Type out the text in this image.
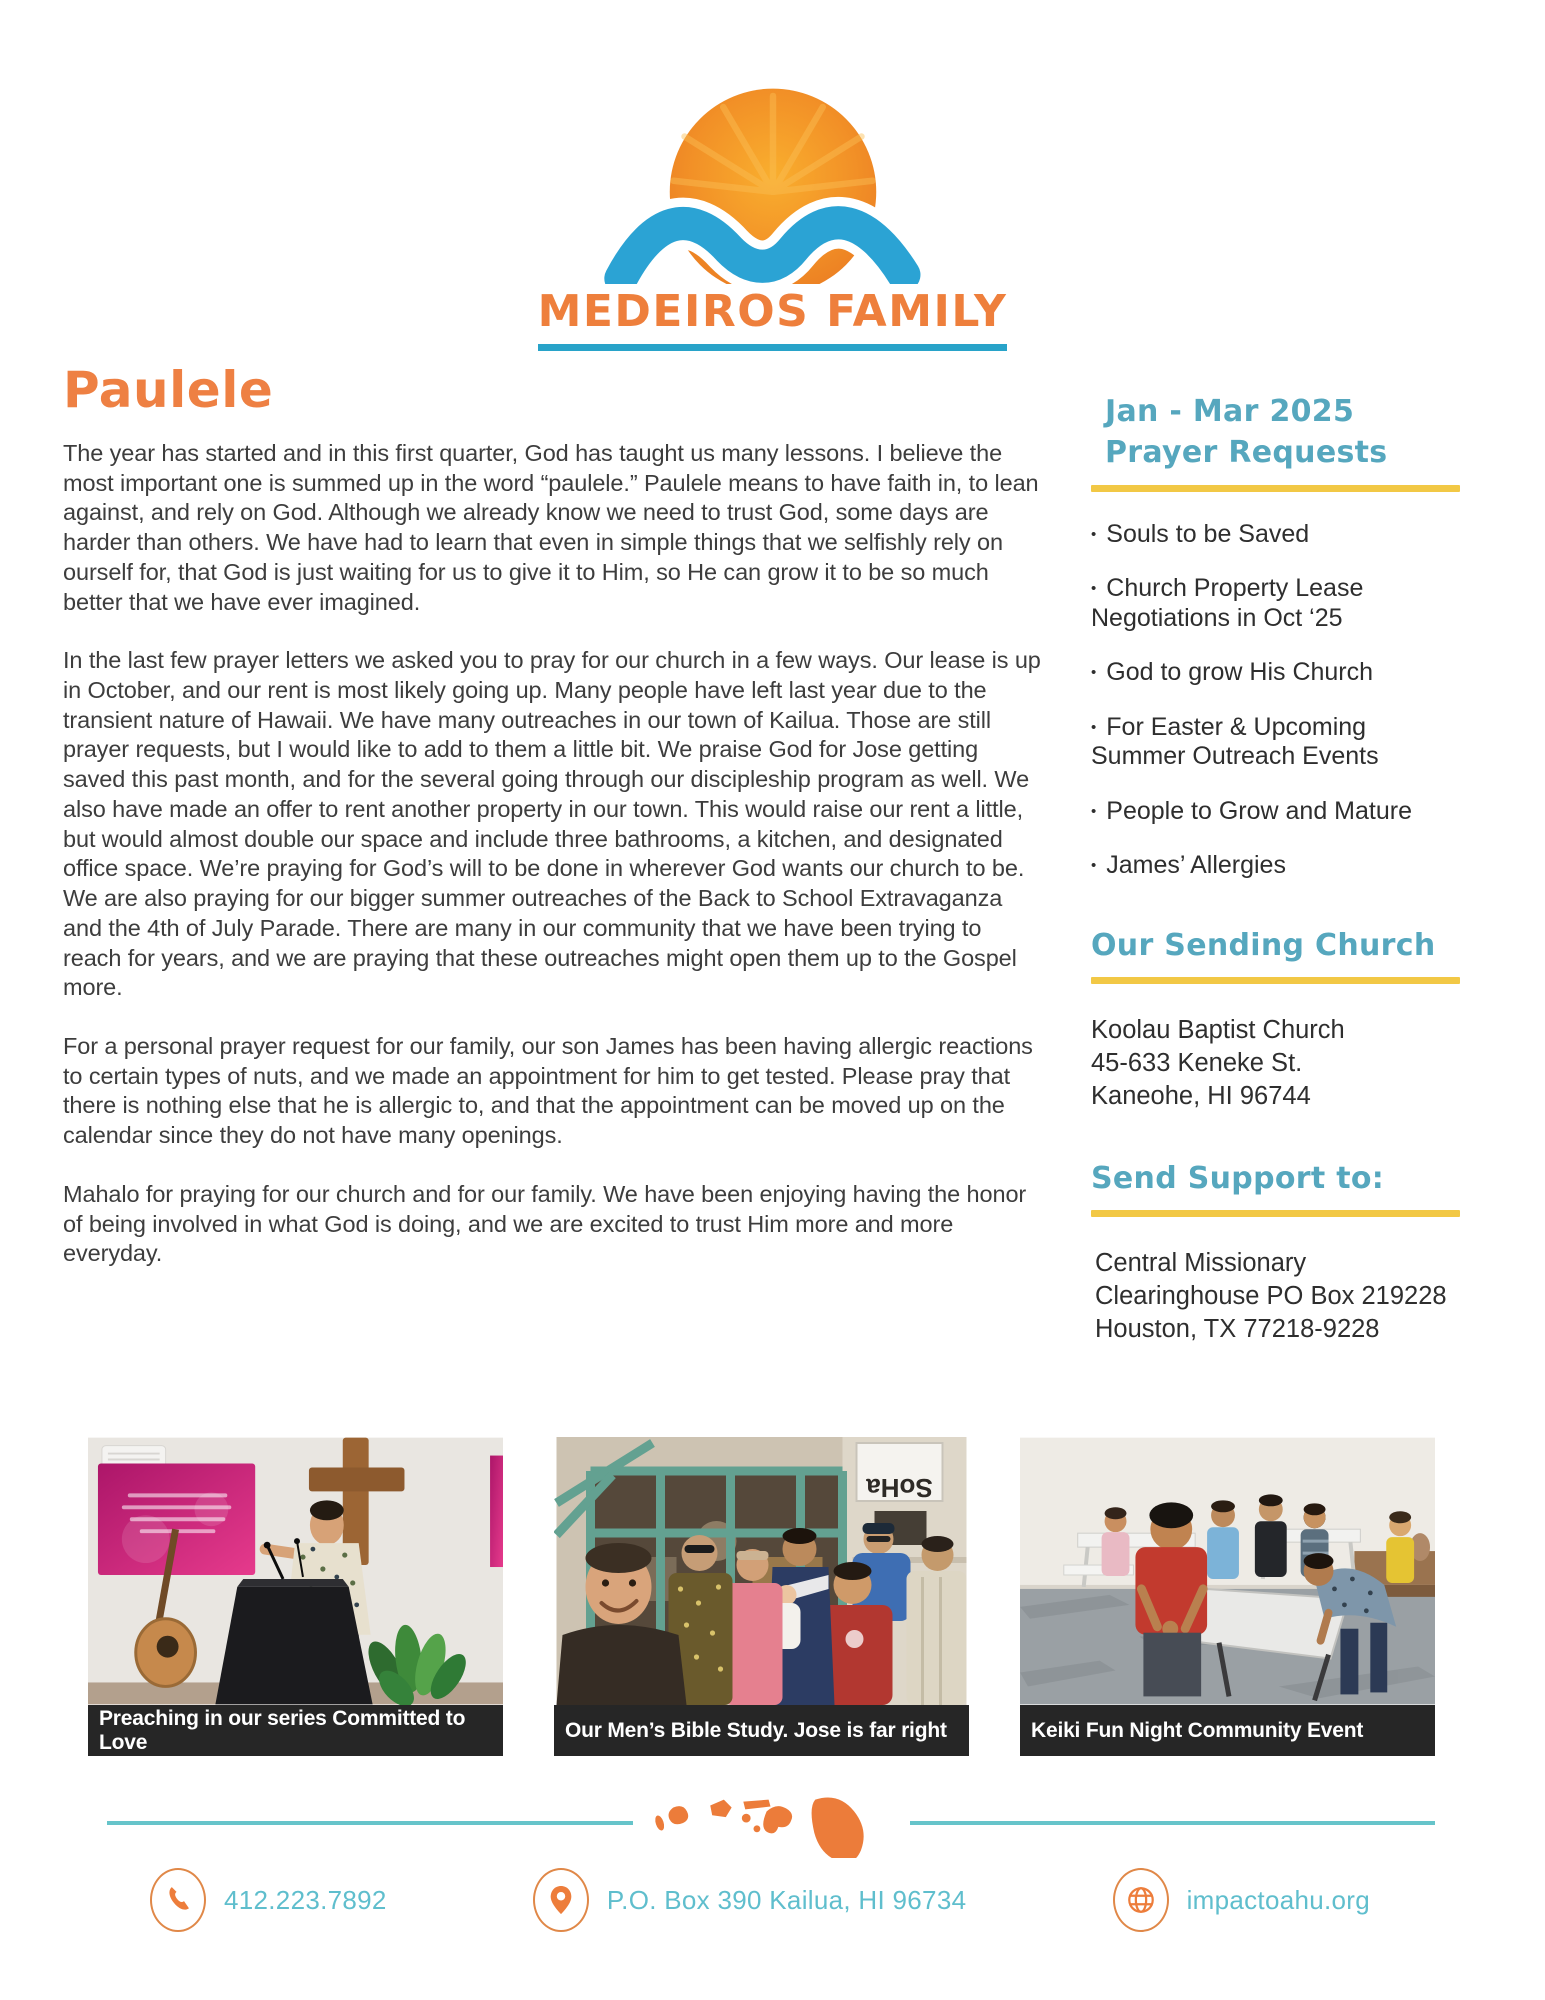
MEDEIROS FAMILY
Paulele

The year has started and in this first quarter, God has taught us many lessons. I believe the most important one is summed up in the word “paulele.” Paulele means to have faith in, to lean against, and rely on God. Although we already know we need to trust God, some days are harder than others. We have had to learn that even in simple things that we selfishly rely on ourself for, that God is just waiting for us to give it to Him, so He can grow it to be so much better that we have ever imagined.

In the last few prayer letters we asked you to pray for our church in a few ways. Our lease is up in October, and our rent is most likely going up. Many people have left last year due to the transient nature of Hawaii. We have many outreaches in our town of Kailua. Those are still prayer requests, but I would like to add to them a little bit. We praise God for Jose getting saved this past month, and for the several going through our discipleship program as well. We also have made an offer to rent another property in our town. This would raise our rent a little, but would almost double our space and include three bathrooms, a kitchen, and designated office space. We’re praying for God’s will to be done in wherever God wants our church to be. We are also praying for our bigger summer outreaches of the Back to School Extravaganza and the 4th of July Parade. There are many in our community that we have been trying to reach for years, and we are praying that these outreaches might open them up to the Gospel more.

For a personal prayer request for our family, our son James has been having allergic reactions to certain types of nuts, and we made an appointment for him to get tested. Please pray that there is nothing else that he is allergic to, and that the appointment can be moved up on the calendar since they do not have many openings.

Mahalo for praying for our church and for our family. We have been enjoying having the honor of being involved in what God is doing, and we are excited to trust Him more and more everyday.

Jan - Mar 2025
Prayer Requests
• Souls to be Saved
• Church Property Lease Negotiations in Oct ‘25
• God to grow His Church
• For Easter & Upcoming Summer Outreach Events
• People to Grow and Mature
• James’ Allergies
Our Sending Church
Koolau Baptist Church
45-633 Keneke St.
Kaneohe, HI 96744
Send Support to:
Central Missionary Clearinghouse PO Box 219228 Houston, TX 77218-9228
Preaching in our series Committed to Love
SoHa
Our Men’s Bible Study. Jose is far right	Keiki Fun Night Community Event
412.223.7892	P.O. Box 390 Kailua, HI 96734	impactoahu.org
